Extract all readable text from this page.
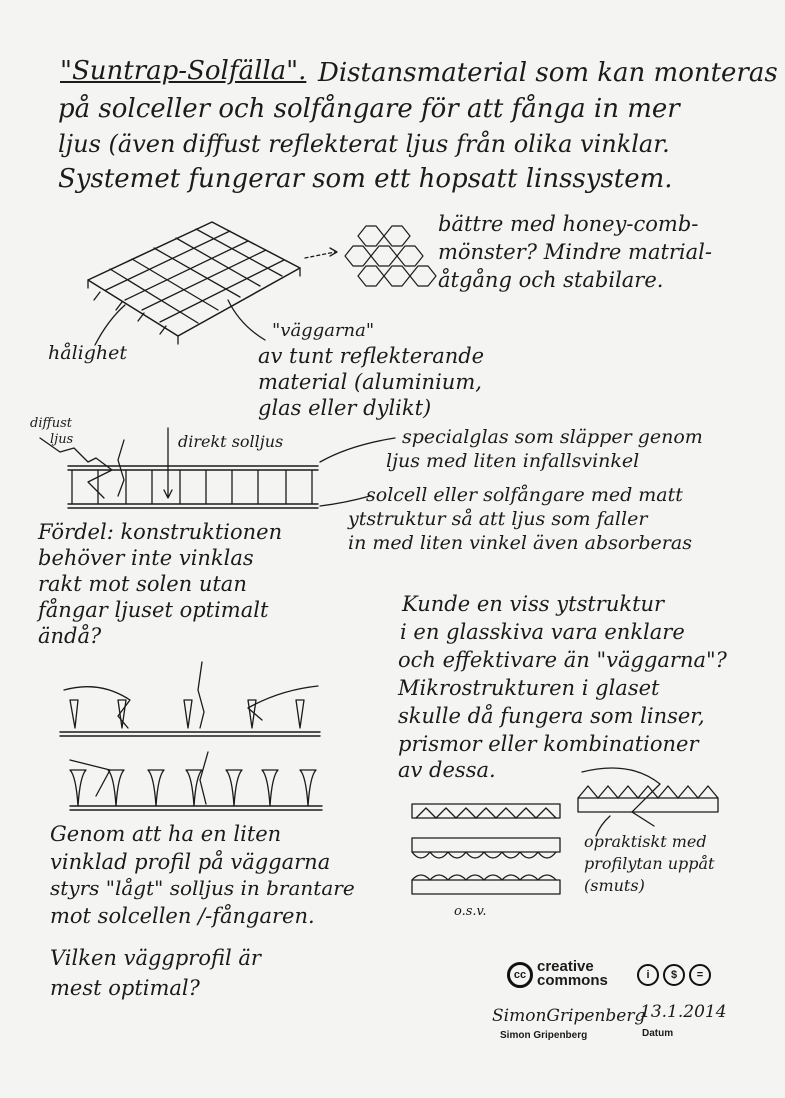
"Suntrap-Solfälla". Distansmaterial som kan monteras

på solceller och solfångare för att fånga in mer

ljus (även diffust reflekterat ljus från olika vinklar.

Systemet fungerar som ett hopsatt linssystem.

bättre med honey-comb-

mönster? Mindre matrial-

åtgång och stabilare.

hålighet

"väggarna"

av tunt reflekterande

material (aluminium,

glas eller dylikt)

diffust

ljus	direkt solljus	specialglas som släpper genom

ljus med liten infallsvinkel

solcell eller solfångare med matt

ytstruktur så att ljus som faller

in med liten vinkel även absorberas

Fördel: konstruktionen

behöver inte vinklas

rakt mot solen utan

fångar ljuset optimalt

ändå?

Kunde en viss ytstruktur

i en glasskiva vara enklare

och effektivare än "väggarna"?

Mikrostrukturen i glaset

skulle då fungera som linser,

prismor eller kombinationer

av dessa.

opraktiskt med

profilytan uppåt

(smuts)

o.s.v.

Genom att ha en liten

vinklad profil på väggarna

styrs "lågt" solljus in brantare

mot solcellen /-fångaren.

Vilken väggprofil är

mest optimal?

cc creative
commons	i	$	=
SimonGripenberg
Simon Gripenberg
13.1.2014
Datum
